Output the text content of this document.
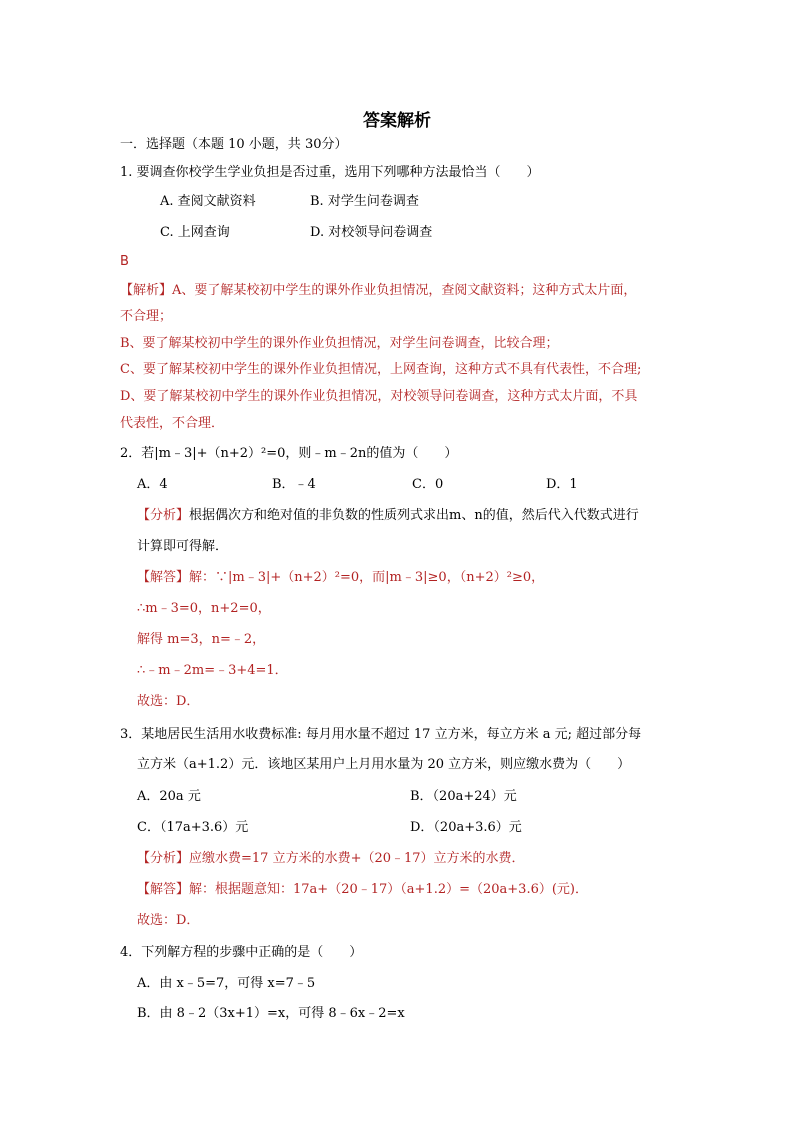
答案解析
一．选择题（本题 10 小题，共 30分）
1. 要调查你校学生学业负担是否过重，选用下列哪种方法最恰当（　　）
A. 查阅文献资料	B. 对学生问卷调查
C. 上网查询	D. 对校领导问卷调查
B
【解析】A、要了解某校初中学生的课外作业负担情况，查阅文献资料；这种方式太片面，
不合理；
B、要了解某校初中学生的课外作业负担情况，对学生问卷调查，比较合理；
C、要了解某校初中学生的课外作业负担情况，上网查询，这种方式不具有代表性，不合理;
D、要了解某校初中学生的课外作业负担情况，对校领导问卷调查，这种方式太片面，不具
代表性，不合理．
2．若|m﹣3|+（n+2）²=0，则﹣m﹣2n的值为（　　）
A．4	B．﹣4	C．0	D．1
【分析】根据偶次方和绝对值的非负数的性质列式求出m、n的值，然后代入代数式进行
计算即可得解．
【解答】解：∵|m﹣3|+（n+2）²=0，而|m﹣3|≥0，（n+2）²≥0，
∴m﹣3=0，n+2=0，
解得 m=3，n=﹣2，
∴﹣m﹣2m=﹣3+4=1．
故选：D．
3．某地居民生活用水收费标准: 每月用水量不超过 17 立方米，每立方米 a 元; 超过部分每
立方米（a+1.2）元．该地区某用户上月用水量为 20 立方米，则应缴水费为（　　）
A．20a 元	B．（20a+24）元
C．（17a+3.6）元	D．（20a+3.6）元
【分析】应缴水费=17 立方米的水费+（20﹣17）立方米的水费．
【解答】解：根据题意知：17a+（20﹣17）（a+1.2）=（20a+3.6）(元)．
故选：D．
4．下列解方程的步骤中正确的是（　　）
A．由 x﹣5=7，可得 x=7﹣5
B．由 8﹣2（3x+1）=x，可得 8﹣6x﹣2=x
